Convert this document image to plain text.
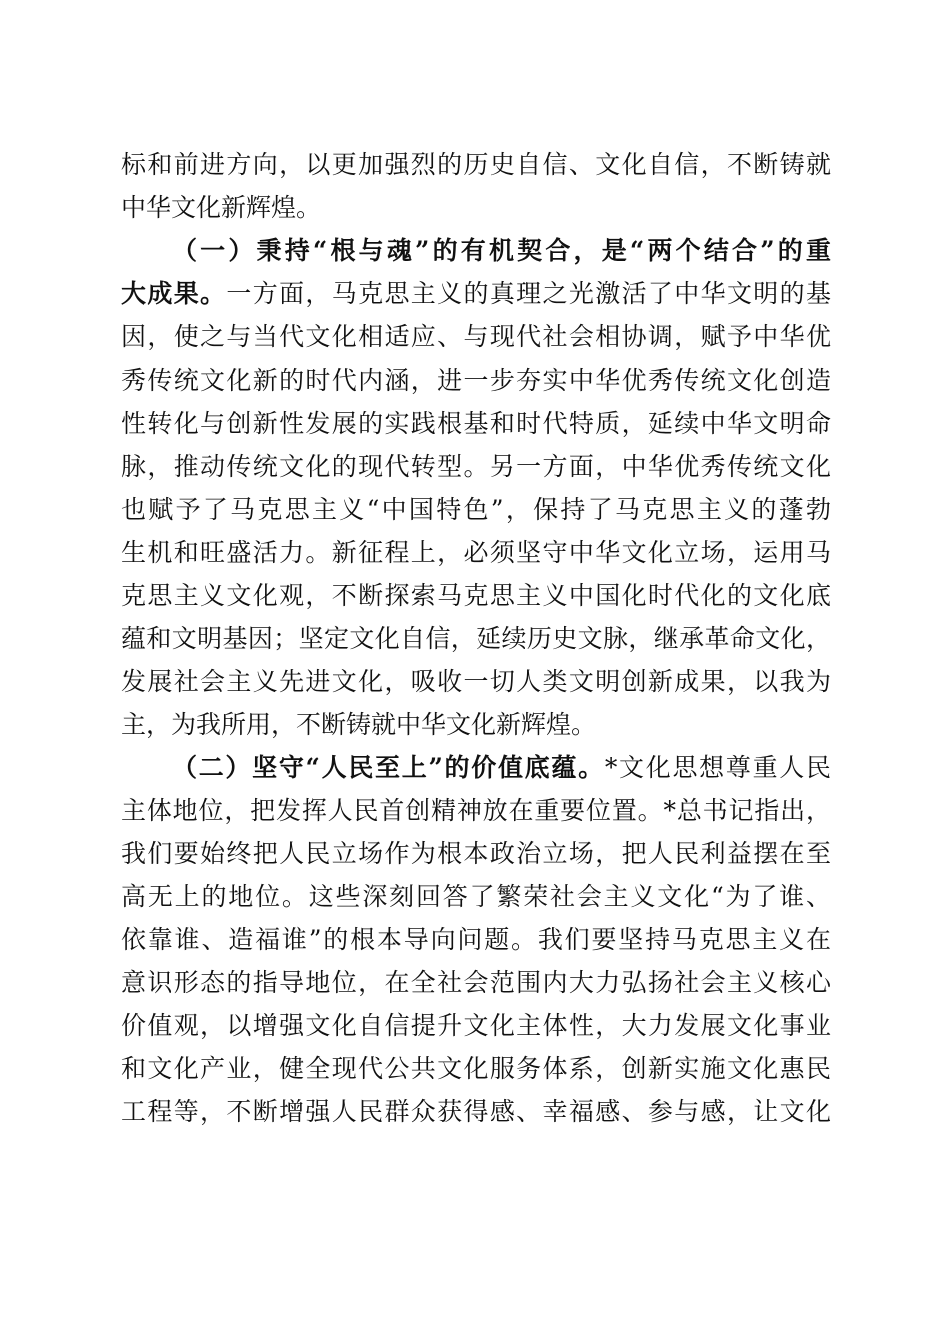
标和前进方向，以更加强烈的历史自信、文化自信，不断铸就
中华文化新辉煌。
（一）秉持“根与魂”的有机契合，是“两个结合”的重
大成果。一方面，马克思主义的真理之光激活了中华文明的基
因，使之与当代文化相适应、与现代社会相协调，赋予中华优
秀传统文化新的时代内涵，进一步夯实中华优秀传统文化创造
性转化与创新性发展的实践根基和时代特质，延续中华文明命
脉，推动传统文化的现代转型。另一方面，中华优秀传统文化
也赋予了马克思主义“中国特色”，保持了马克思主义的蓬勃
生机和旺盛活力。新征程上，必须坚守中华文化立场，运用马
克思主义文化观，不断探索马克思主义中国化时代化的文化底
蕴和文明基因；坚定文化自信，延续历史文脉，继承革命文化，
发展社会主义先进文化，吸收一切人类文明创新成果，以我为
主，为我所用，不断铸就中华文化新辉煌。
（二）坚守“人民至上”的价值底蕴。*文化思想尊重人民
主体地位，把发挥人民首创精神放在重要位置。*总书记指出，
我们要始终把人民立场作为根本政治立场，把人民利益摆在至
高无上的地位。这些深刻回答了繁荣社会主义文化“为了谁、
依靠谁、造福谁”的根本导向问题。我们要坚持马克思主义在
意识形态的指导地位，在全社会范围内大力弘扬社会主义核心
价值观，以增强文化自信提升文化主体性，大力发展文化事业
和文化产业，健全现代公共文化服务体系，创新实施文化惠民
工程等，不断增强人民群众获得感、幸福感、参与感，让文化
